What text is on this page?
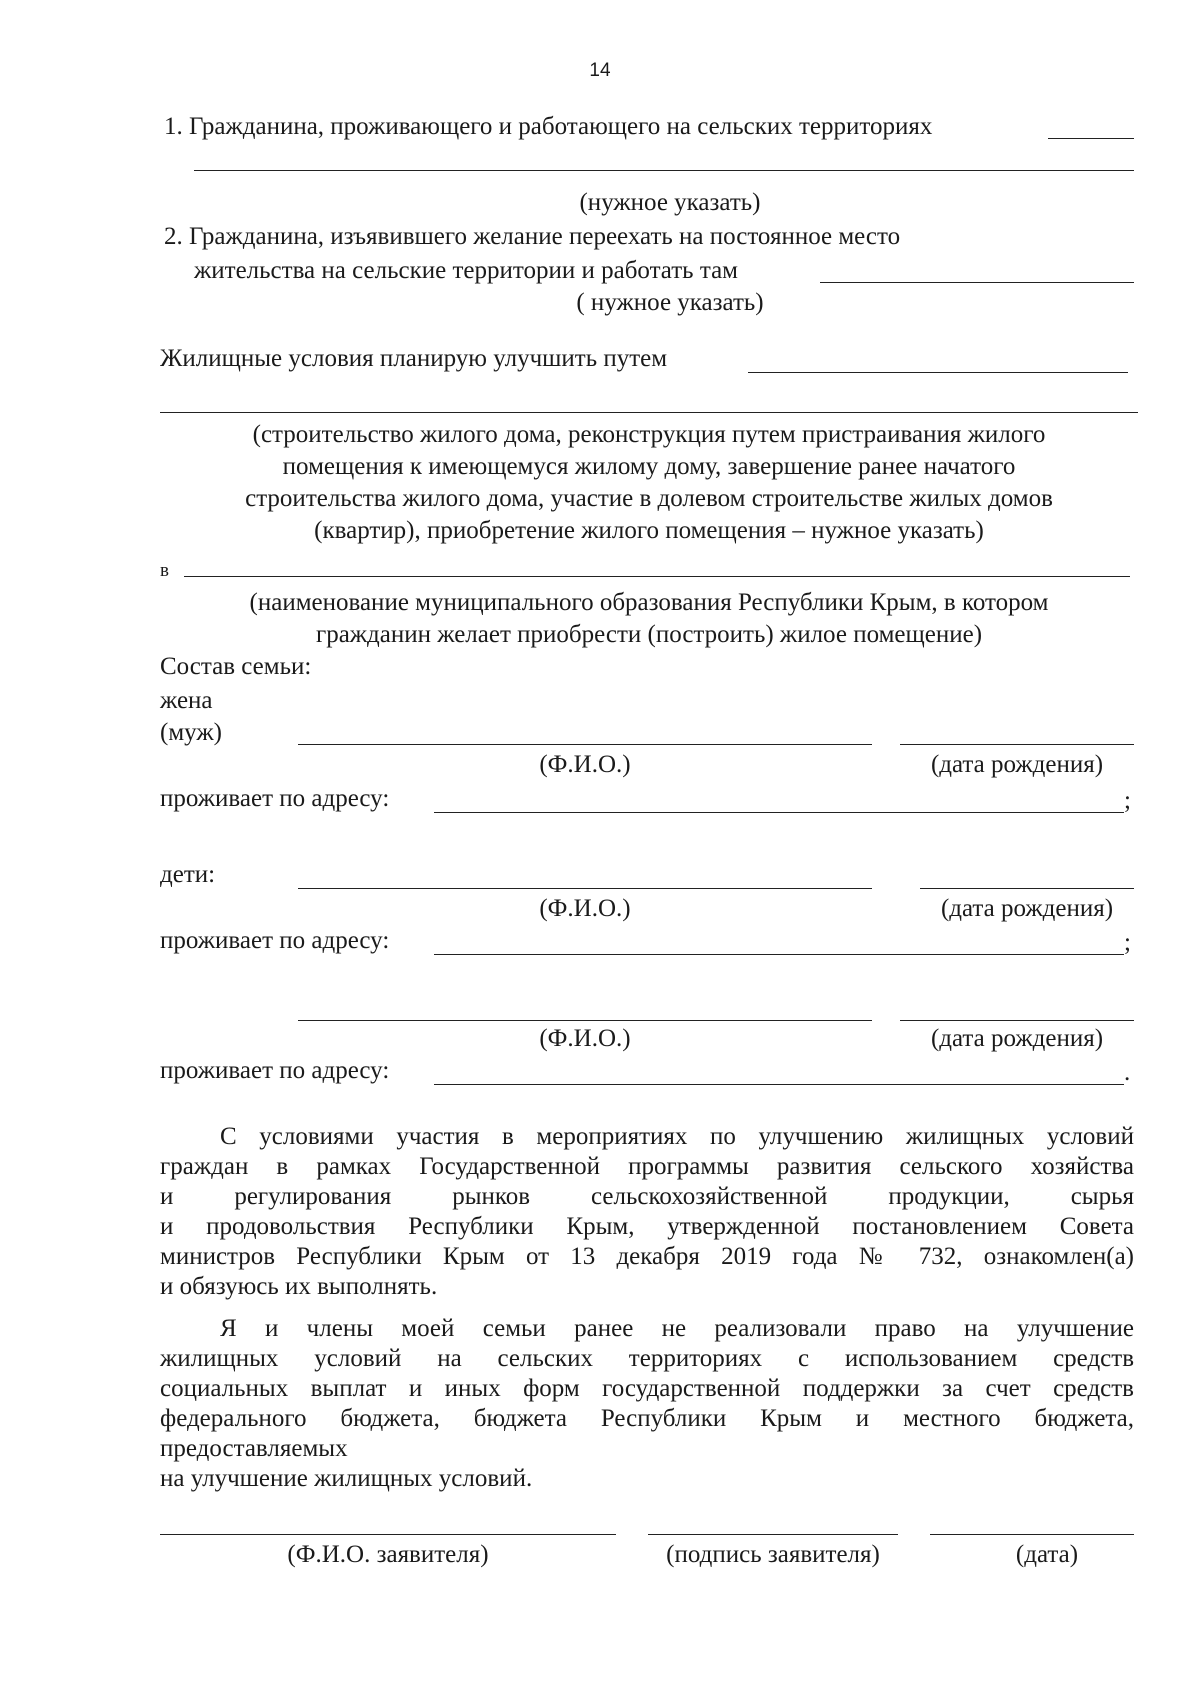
14
1. Гражданина, проживающего и работающего на сельских территориях
(нужное указать)
2. Гражданина, изъявившего желание переехать на постоянное место
жительства на сельские территории и работать там
( нужное указать)
Жилищные условия планирую улучшить путем
(строительство жилого дома, реконструкция путем пристраивания жилого
помещения к имеющемуся жилому дому, завершение ранее начатого
строительства жилого дома, участие в долевом строительстве жилых домов
(квартир), приобретение жилого помещения – нужное указать)
в
(наименование муниципального образования Республики Крым, в котором
гражданин желает приобрести (построить) жилое помещение)
Состав семьи:
жена
(муж)
(Ф.И.О.)	(дата рождения)
проживает по адресу:	;
дети:
(Ф.И.О.)	(дата рождения)
проживает по адресу:	;
(Ф.И.О.)	(дата рождения)
проживает по адресу:	.
С условиями участия в мероприятиях по улучшению жилищных условий
граждан в рамках Государственной программы развития сельского хозяйства
и регулирования рынков сельскохозяйственной продукции, сырья
и продовольствия Республики Крым, утвержденной постановлением Совета
министров Республики Крым от 13 декабря 2019 года № 732, ознакомлен(а)
и обязуюсь их выполнять.
Я и члены моей семьи ранее не реализовали право на улучшение
жилищных условий на сельских территориях с использованием средств
социальных выплат и иных форм государственной поддержки за счет средств
федерального бюджета, бюджета Республики Крым и местного бюджета,
предоставляемых
на улучшение жилищных условий.
(Ф.И.О. заявителя)	(подпись заявителя)	(дата)
